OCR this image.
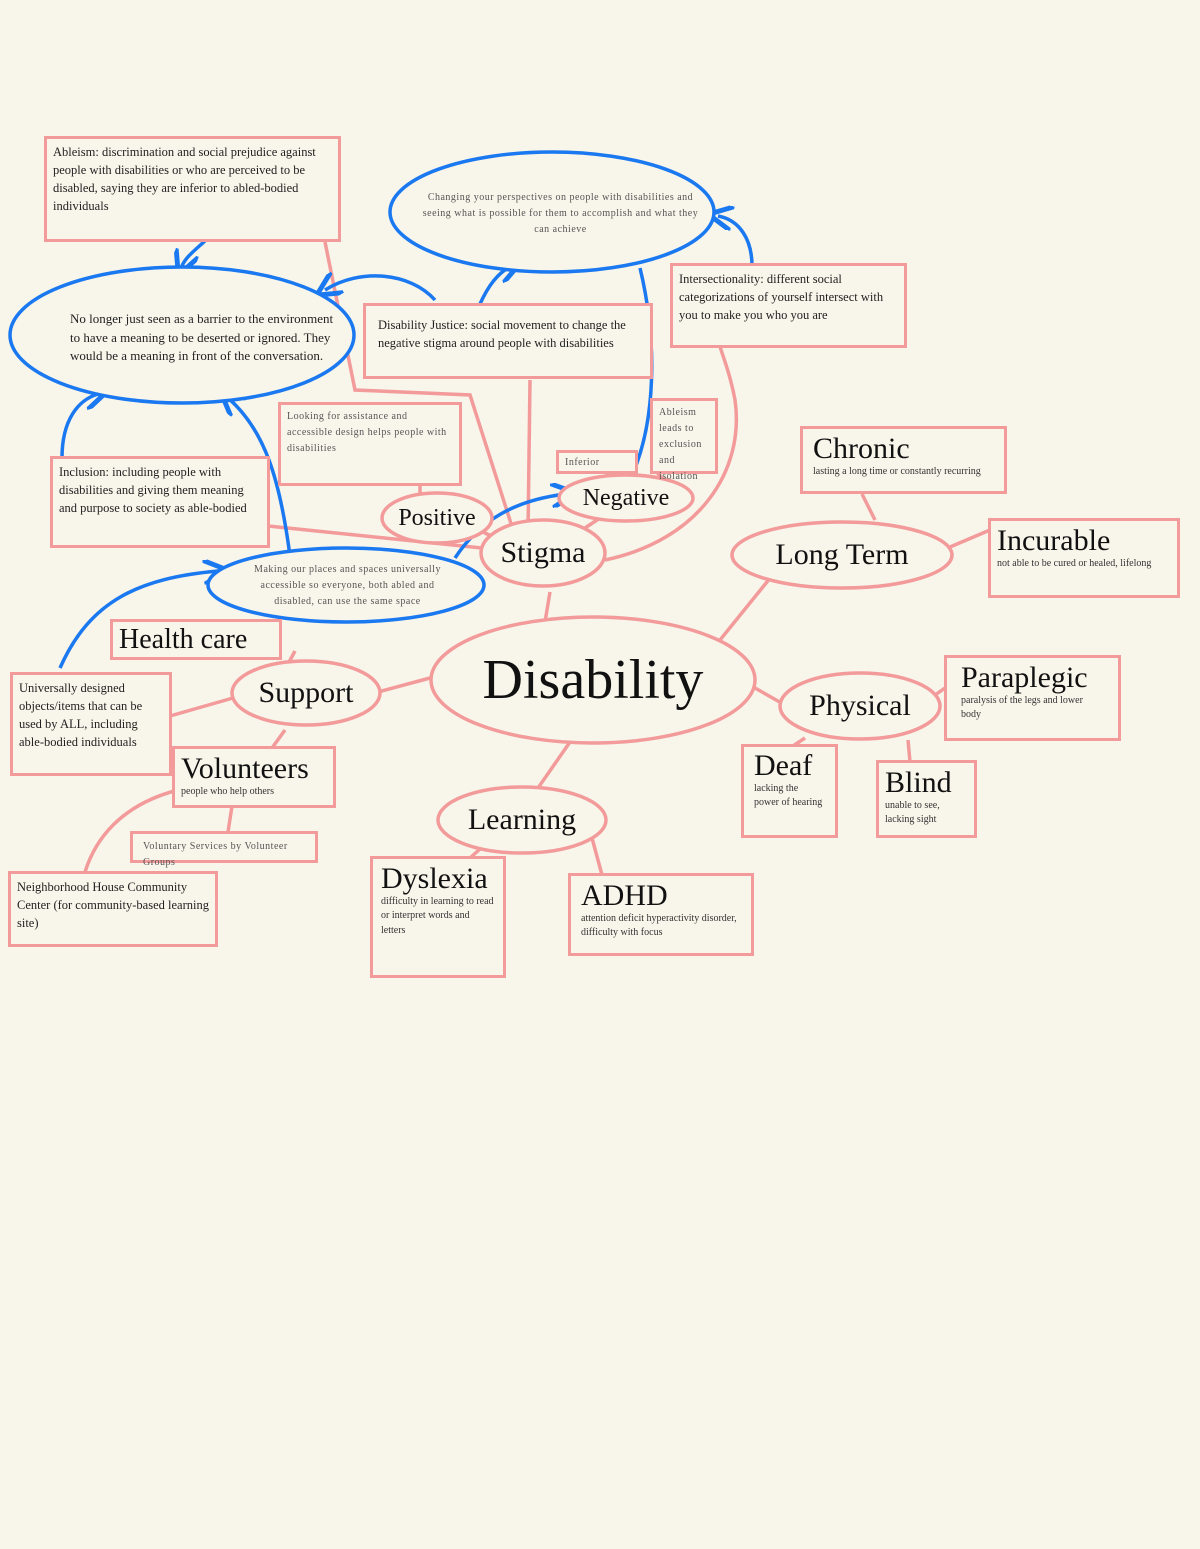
Disability
Stigma
Positive
Negative
Long Term
Physical
Learning
Support
No longer just seen as a barrier to the environment to have a meaning to be deserted or ignored. They would be a meaning in front of the conversation.
Changing your perspectives on people with disabilities and seeing what is possible for them to accomplish and what they can achieve
Making our places and spaces universally accessible so everyone, both abled and disabled, can use the same space
Ableism: discrimination and social prejudice against people with disabilities or who are perceived to be disabled, saying they are inferior to abled-bodied individuals
Disability Justice: social movement to change the negative stigma around people with disabilities
Intersectionality: different social categorizations of yourself intersect with you to make you who you are
Inclusion: including people with disabilities and giving them meaning and purpose to society as able-bodied
Looking for assistance and accessible design helps people with disabilities
Inferior
Ableism leads to exclusion and isolation
Chronic
lasting a long time or constantly recurring
Incurable
not able to be cured or healed, lifelong
Paraplegic
paralysis of the legs and lower body
Deaf
lacking the power of hearing
Blind
unable to see, lacking sight
Dyslexia
difficulty in learning to read or interpret words and letters
ADHD
attention deficit hyperactivity disorder, difficulty with focus
Health care
Universally designed objects/items that can be used by ALL, including able-bodied individuals
Volunteers
people who help others
Voluntary Services by Volunteer Groups
Neighborhood House Community Center (for community-based learning site)
